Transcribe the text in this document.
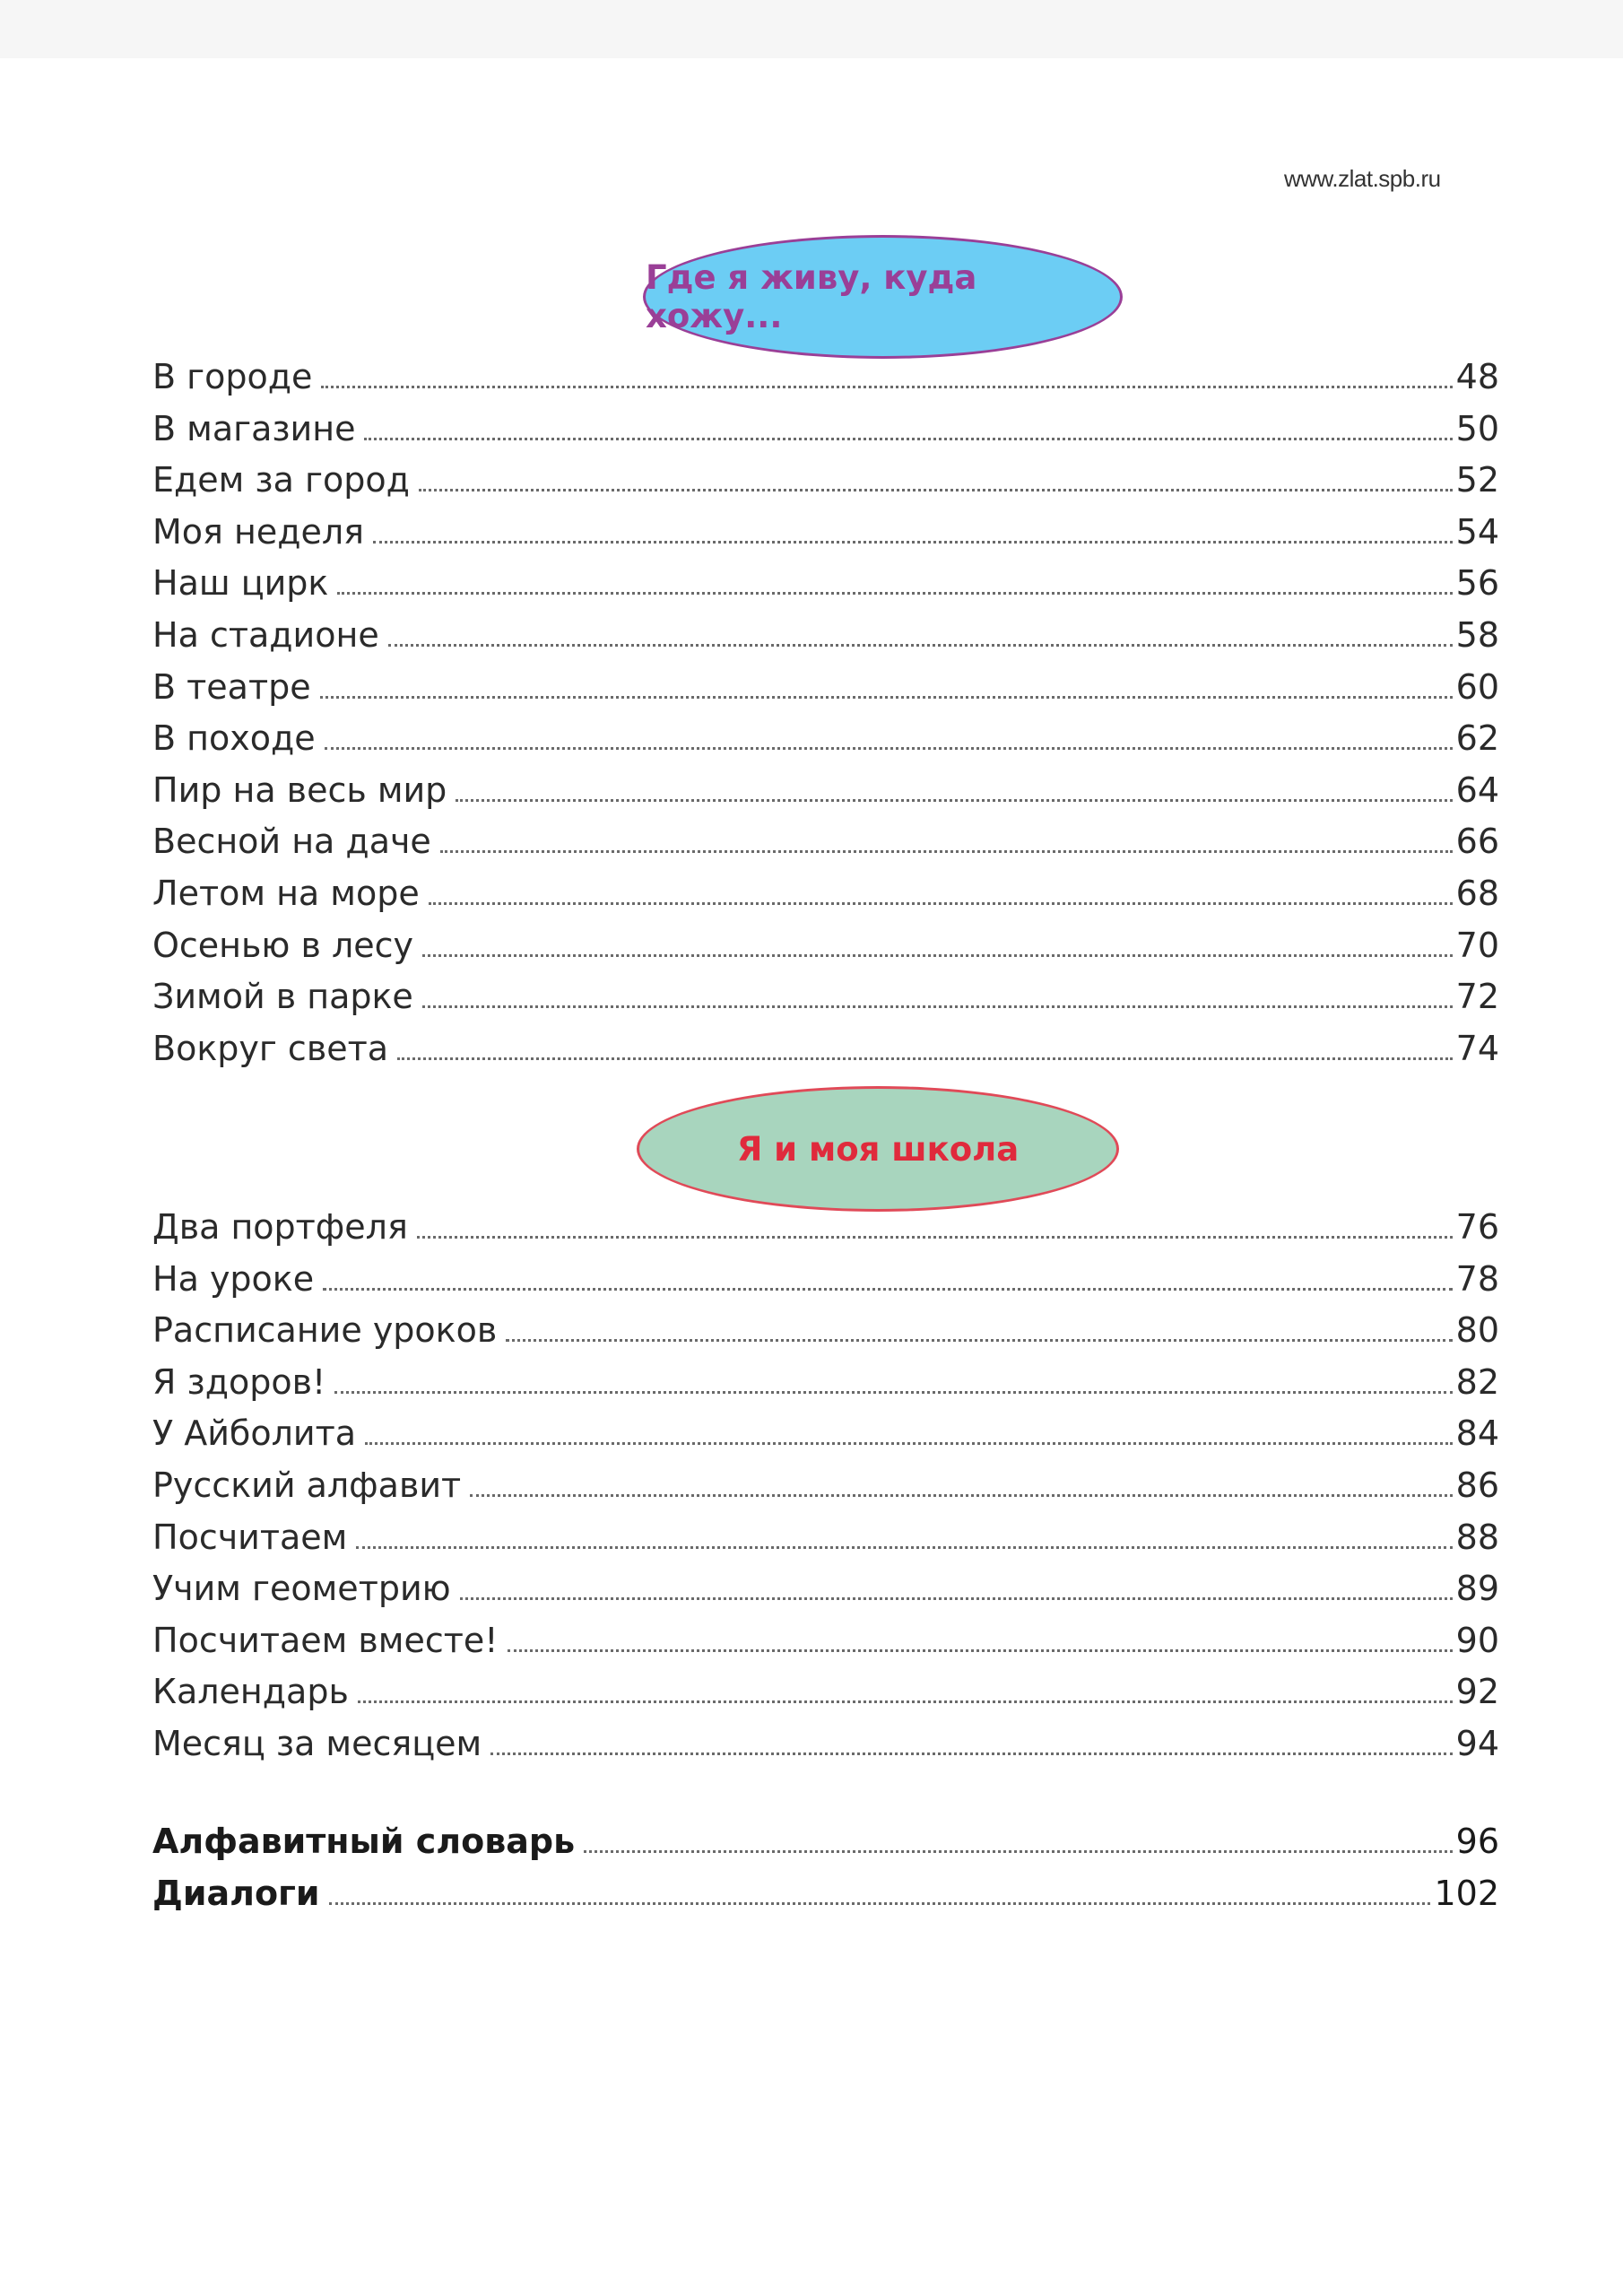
www.zlat.spb.ru
Где я живу, куда хожу...
В городе	48
В магазине	50
Едем за город	52
Моя неделя	54
Наш цирк	56
На стадионе	58
В театре	60
В походе	62
Пир на весь мир	64
Весной на даче	66
Летом на море	68
Осенью в лесу	70
Зимой в парке	72
Вокруг света	74
Я и моя школа
Два портфеля	76
На уроке	78
Расписание уроков	80
Я здоров!	82
У Айболита	84
Русский алфавит	86
Посчитаем	88
Учим геометрию	89
Посчитаем вместе!	90
Календарь	92
Месяц за месяцем	94
Алфавитный словарь	96
Диалоги	102
